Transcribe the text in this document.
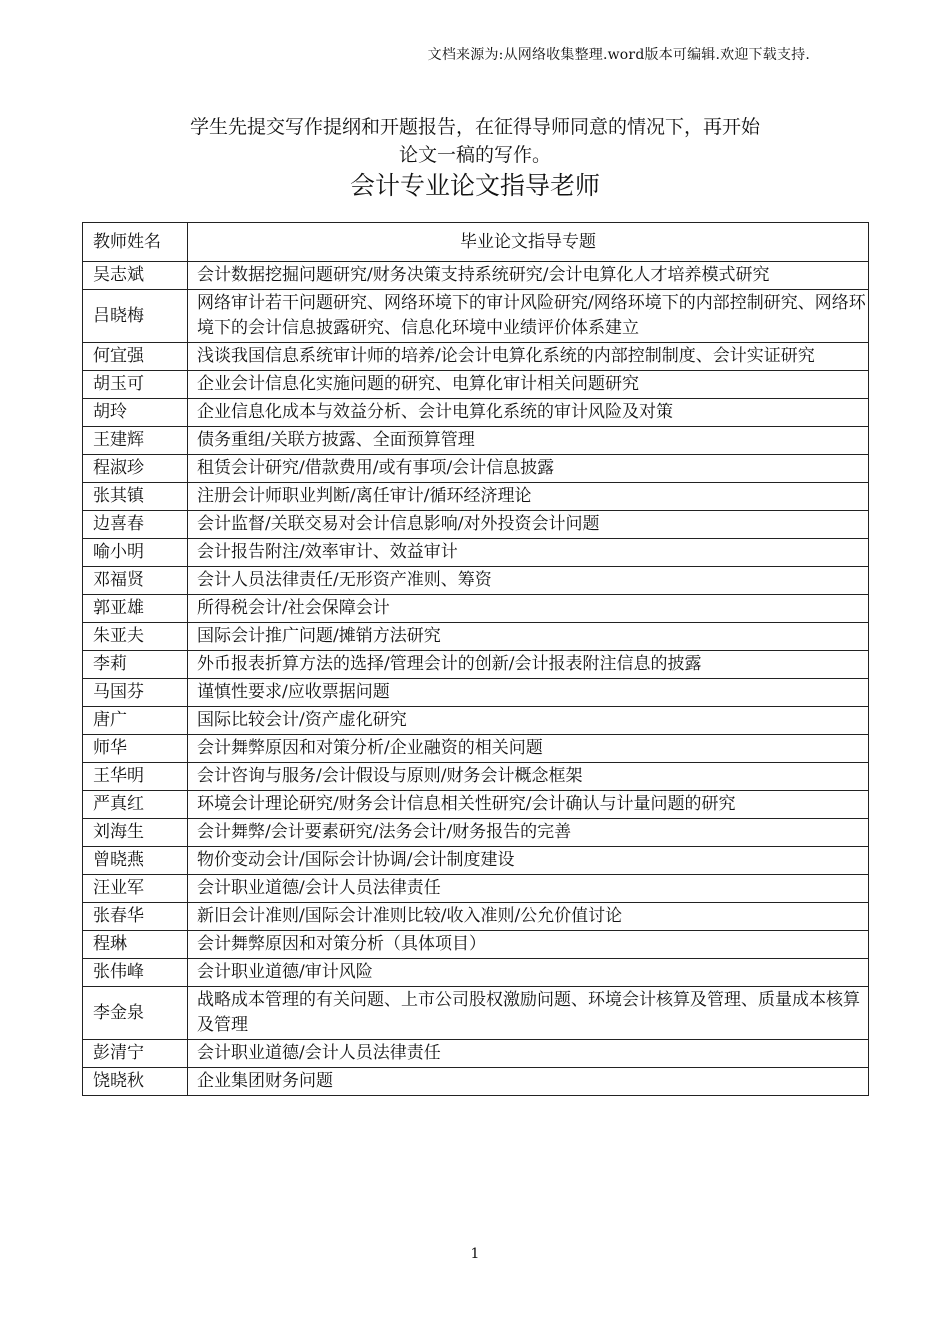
文档来源为:从网络收集整理.word版本可编辑.欢迎下载支持.
学生先提交写作提纲和开题报告，在征得导师同意的情况下，再开始
论文一稿的写作。
会计专业论文指导老师
教师姓名	毕业论文指导专题
吴志斌	会计数据挖掘问题研究/财务决策支持系统研究/会计电算化人才培养模式研究
吕晓梅	网络审计若干问题研究、网络环境下的审计风险研究/网络环境下的内部控制研究、网络环境下的会计信息披露研究、信息化环境中业绩评价体系建立
何宜强	浅谈我国信息系统审计师的培养/论会计电算化系统的内部控制制度、会计实证研究
胡玉可	企业会计信息化实施问题的研究、电算化审计相关问题研究
胡玲	企业信息化成本与效益分析、会计电算化系统的审计风险及对策
王建辉	债务重组/关联方披露、全面预算管理
程淑珍	租赁会计研究/借款费用/或有事项/会计信息披露
张其镇	注册会计师职业判断/离任审计/循环经济理论
边喜春	会计监督/关联交易对会计信息影响/对外投资会计问题
喻小明	会计报告附注/效率审计、效益审计
邓福贤	会计人员法律责任/无形资产准则、筹资
郭亚雄	所得税会计/社会保障会计
朱亚夫	国际会计推广问题/摊销方法研究
李莉	外币报表折算方法的选择/管理会计的创新/会计报表附注信息的披露
马国芬	谨慎性要求/应收票据问题
唐广	国际比较会计/资产虚化研究
师华	会计舞弊原因和对策分析/企业融资的相关问题
王华明	会计咨询与服务/会计假设与原则/财务会计概念框架
严真红	环境会计理论研究/财务会计信息相关性研究/会计确认与计量问题的研究
刘海生	会计舞弊/会计要素研究/法务会计/财务报告的完善
曾晓燕	物价变动会计/国际会计协调/会计制度建设
汪业军	会计职业道德/会计人员法律责任
张春华	新旧会计准则/国际会计准则比较/收入准则/公允价值讨论
程琳	会计舞弊原因和对策分析（具体项目）
张伟峰	会计职业道德/审计风险
李金泉	战略成本管理的有关问题、上市公司股权激励问题、环境会计核算及管理、质量成本核算及管理
彭清宁	会计职业道德/会计人员法律责任
饶晓秋	企业集团财务问题
1
